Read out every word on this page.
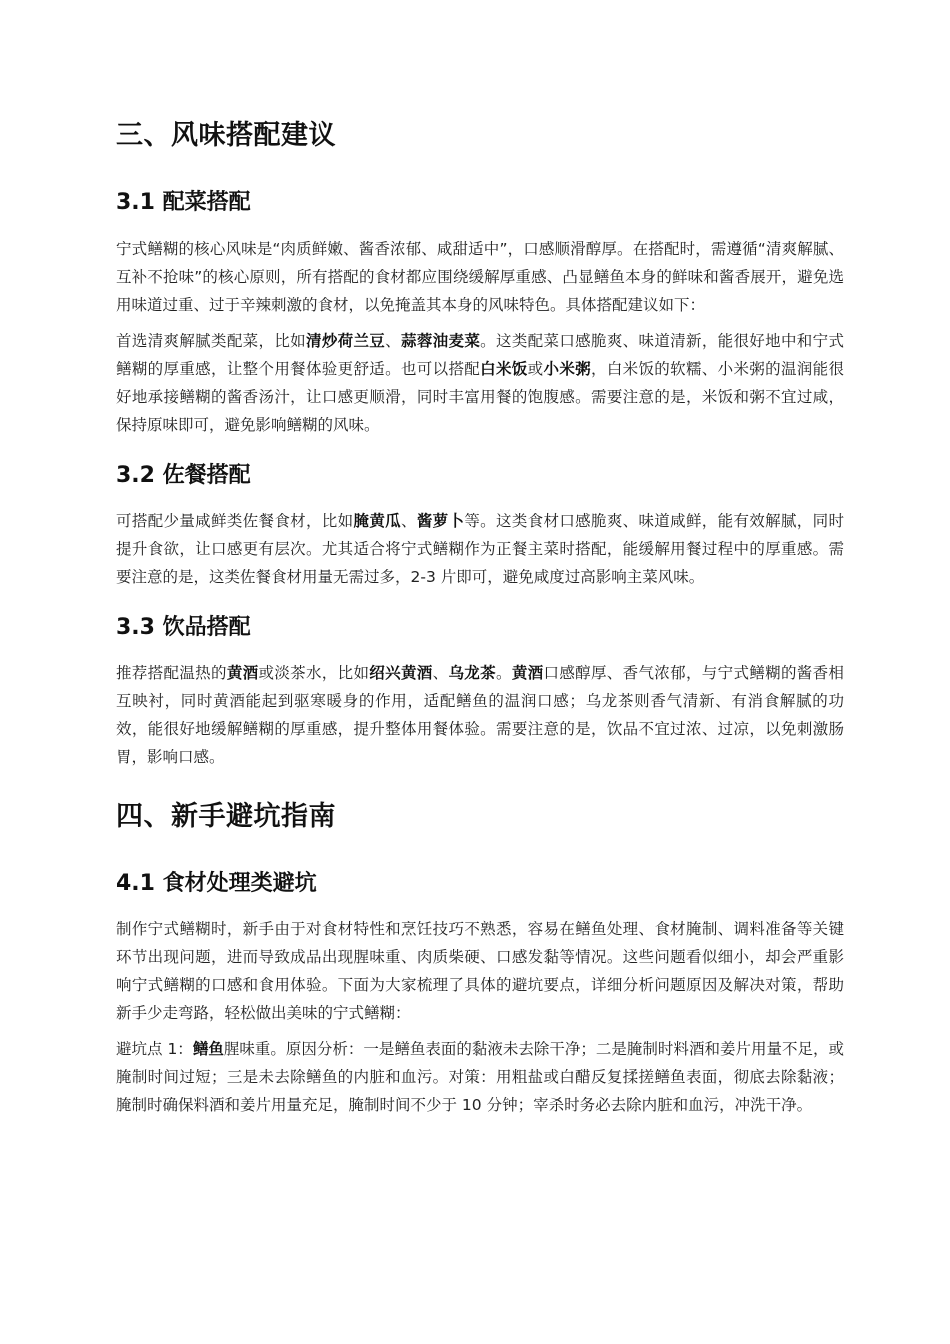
三、风味搭配建议
3.1 配菜搭配

宁式鳝糊的核心风味是“肉质鲜嫩、酱香浓郁、咸甜适中”，口感顺滑醇厚。在搭配时，需遵循“清爽解腻、互补不抢味”的核心原则，所有搭配的食材都应围绕缓解厚重感、凸显鳝鱼本身的鲜味和酱香展开，避免选用味道过重、过于辛辣刺激的食材，以免掩盖其本身的风味特色。具体搭配建议如下：

首选清爽解腻类配菜，比如清炒荷兰豆、蒜蓉油麦菜。这类配菜口感脆爽、味道清新，能很好地中和宁式鳝糊的厚重感，让整个用餐体验更舒适。也可以搭配白米饭或小米粥，白米饭的软糯、小米粥的温润能很好地承接鳝糊的酱香汤汁，让口感更顺滑，同时丰富用餐的饱腹感。需要注意的是，米饭和粥不宜过咸，保持原味即可，避免影响鳝糊的风味。

3.2 佐餐搭配

可搭配少量咸鲜类佐餐食材，比如腌黄瓜、酱萝卜等。这类食材口感脆爽、味道咸鲜，能有效解腻，同时提升食欲，让口感更有层次。尤其适合将宁式鳝糊作为正餐主菜时搭配，能缓解用餐过程中的厚重感。需要注意的是，这类佐餐食材用量无需过多，2-3 片即可，避免咸度过高影响主菜风味。

3.3 饮品搭配

推荐搭配温热的黄酒或淡茶水，比如绍兴黄酒、乌龙茶。黄酒口感醇厚、香气浓郁，与宁式鳝糊的酱香相互映衬，同时黄酒能起到驱寒暖身的作用，适配鳝鱼的温润口感；乌龙茶则香气清新、有消食解腻的功效，能很好地缓解鳝糊的厚重感，提升整体用餐体验。需要注意的是，饮品不宜过浓、过凉，以免刺激肠胃，影响口感。

四、新手避坑指南
4.1 食材处理类避坑

制作宁式鳝糊时，新手由于对食材特性和烹饪技巧不熟悉，容易在鳝鱼处理、食材腌制、调料准备等关键环节出现问题，进而导致成品出现腥味重、肉质柴硬、口感发黏等情况。这些问题看似细小，却会严重影响宁式鳝糊的口感和食用体验。下面为大家梳理了具体的避坑要点，详细分析问题原因及解决对策，帮助新手少走弯路，轻松做出美味的宁式鳝糊：

避坑点 1：鳝鱼腥味重。原因分析：一是鳝鱼表面的黏液未去除干净；二是腌制时料酒和姜片用量不足，或腌制时间过短；三是未去除鳝鱼的内脏和血污。对策：用粗盐或白醋反复揉搓鳝鱼表面，彻底去除黏液；腌制时确保料酒和姜片用量充足，腌制时间不少于 10 分钟；宰杀时务必去除内脏和血污，冲洗干净。
